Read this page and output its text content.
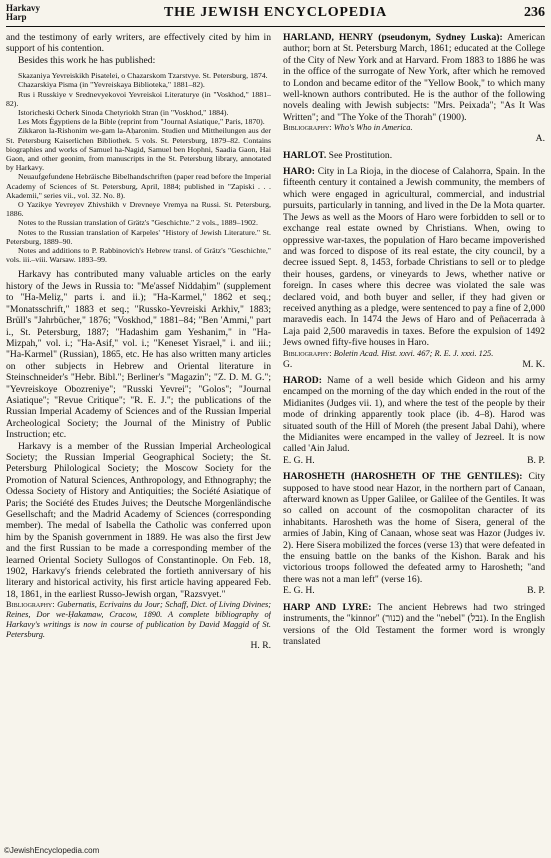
Harkavy
Harp	THE JEWISH ENCYCLOPEDIA	236

and the testimony of early writers, are effectively cited by him in support of his contention.

Besides this work he has published:

Skazaniya Yevreiskikh Pisatelei, o Chazarskom Tzarstvye. St. Petersburg, 1874.

Chazarskiya Pisma (in "Yevreiskaya Biblioteka," 1881–82).

Rus i Russkiye v Srednevyekovoi Yevreiskoi Literaturye (in "Voskhod," 1881–82).

Istoricheski Ocherk Sinoda Chetyriokh Stran (in "Voskhod," 1884).

Les Mots Égyptiens de la Bible (reprint from "Journal Asiatique," Paris, 1870).

Zikkaron la-Rishonim we-gam la-Aḥaronim. Studien und Mittheilungen aus der St. Petersburg Kaiserlichen Bibliothek. 5 vols. St. Petersburg, 1879–82. Contains biographies and works of Samuel ha-Nagid, Samuel ben Hophni, Saadia Gaon, Hai Gaon, and other geonim, from manuscripts in the St. Petersburg library, annotated by Harkavy.

Neuaufgefundene Hebräische Bibelhandschriften (paper read before the Imperial Academy of Sciences of St. Petersburg, April, 1884; published in "Zapiski . . . Akademii," series vii., vol. 32. No. 8).

O Yazikye Yevreyev Zhivshikh v Drevneye Vremya na Russi. St. Petersburg, 1886.

Notes to the Russian translation of Grätz's "Geschichte." 2 vols., 1889–1902.

Notes to the Russian translation of Karpeles' "History of Jewish Literature." St. Petersburg, 1889–90.

Notes and additions to P. Rabbinovich's Hebrew transl. of Grätz's "Geschichte," vols. iii.–viii. Warsaw. 1893–99.

Harkavy has contributed many valuable articles on the early history of the Jews in Russia to: "Me'assef Niddaḥim" (supplement to "Ha-Meliẓ," parts i. and ii.); "Ha-Karmel," 1862 et seq.; "Monatsschrift," 1883 et seq.; "Russko-Yevreiski Arkhiv," 1883; Brüll's "Jahrbücher," 1876; "Voskhod," 1881–84; "Ben 'Ammi," part i., St. Petersburg, 1887; "Hadashim gam Yeshanim," in "Ha-Mizpah," vol. i.; "Ha-Asif," vol. i.; "Keneset Yisrael," i. and iii.; "Ha-Karmel" (Russian), 1865, etc. He has also written many articles on other subjects in Hebrew and Oriental literature in Steinschneider's "Hebr. Bibl."; Berliner's "Magazin"; "Z. D. M. G."; "Yevreiskoye Obozreniye"; "Russki Yevrei"; "Golos"; "Journal Asiatique"; "Revue Critique"; "R. E. J."; the publications of the Russian Imperial Academy of Sciences and of the Russian Imperial Archeological Society; the Journal of the Ministry of Public Instruction; etc.

Harkavy is a member of the Russian Imperial Archeological Society; the Russian Imperial Geographical Society; the St. Petersburg Philological Society; the Moscow Society for the Promotion of Natural Sciences, Anthropology, and Ethnography; the Odessa Society of History and Antiquities; the Société Asiatique of Paris; the Société des Etudes Juives; the Deutsche Morgenländische Gesellschaft; and the Madrid Academy of Sciences (corresponding member). The medal of Isabella the Catholic was conferred upon him by the Spanish government in 1889. He was also the first Jew and the first Russian to be made a corresponding member of the learned Oriental Society Sullogos of Constantinople. On Feb. 18, 1902, Harkavy's friends celebrated the fortieth anniversary of his literary and historical activity, his first article having appeared Feb. 18, 1861, in the earliest Russo-Jewish organ, "Razsvyet."

Bibliography: Gubernatis, Ecrivains du Jour; Schaff, Dict. of Living Divines; Reines, Dor we-Ḥakamaw, Cracow, 1890. A complete bibliography of Harkavy's writings is now in course of publication by David Maggid of St. Petersburg.

H. R.

HARLAND, HENRY (pseudonym, Sydney Luska): American author; born at St. Petersburg March, 1861; educated at the College of the City of New York and at Harvard. From 1883 to 1886 he was in the office of the surrogate of New York, after which he removed to London and became editor of the "Yellow Book," to which many well-known authors contributed. He is the author of the following novels dealing with Jewish subjects: "Mrs. Peixada"; "As It Was Written"; and "The Yoke of the Thorah" (1900).

Bibliography: Who's Who in America.

A.

HARLOT. See Prostitution.

HARO: City in La Rioja, in the diocese of Calahorra, Spain. In the fifteenth century it contained a Jewish community, the members of which were engaged in agricultural, commercial, and industrial pursuits, particularly in tanning, and lived in the De la Mota quarter. The Jews as well as the Moors of Haro were forbidden to sell or to exchange real estate owned by Christians. When, owing to oppressive war-taxes, the population of Haro became impoverished and was forced to dispose of its real estate, the city council, by a decree issued Sept. 8, 1453, forbade Christians to sell or to pledge their houses, gardens, or vineyards to Jews, whether native or foreign. In cases where this decree was violated the sale was declared void, and both buyer and seller, if they had given or received anything as a pledge, were sentenced to pay a fine of 2,000 maravedis each. In 1474 the Jews of Haro and of Peñacerrada à Laja paid 2,500 maravedis in taxes. Before the expulsion of 1492 Jews owned fifty-five houses in Haro.

Bibliography: Boletin Acad. Hist. xxvi. 467; R. E. J. xxxi. 125.

G.	M. K.

HAROD: Name of a well beside which Gideon and his army encamped on the morning of the day which ended in the rout of the Midianites (Judges vii. 1), and where the test of the people by their mode of drinking apparently took place (ib. 4–8). Harod was situated south of the Hill of Moreh (the present Jabal Dahi), where the Midianites were encamped in the valley of Jezreel. It is now called 'Ain Jalud.

E. G. H.	B. P.

HAROSHETH (HAROSHETH OF THE GENTILES): City supposed to have stood near Hazor, in the northern part of Canaan, afterward known as Upper Galilee, or Galilee of the Gentiles. It was so called on account of the cosmopolitan character of its inhabitants. Harosheth was the home of Sisera, general of the armies of Jabin, King of Canaan, whose seat was Hazor (Judges iv. 2). Here Sisera mobilized the forces (verse 13) that were defeated in the ensuing battle on the banks of the Kishon. Barak and his victorious troops followed the defeated army to Harosheth; "and there was not a man left" (verse 16).

E. G. H.	B. P.

HARP AND LYRE: The ancient Hebrews had two stringed instruments, the "kinnor" (כנור) and the "nebel" (נבל). In the English versions of the Old Testament the former word is wrongly translated

©JewishEncyclopedia.com
